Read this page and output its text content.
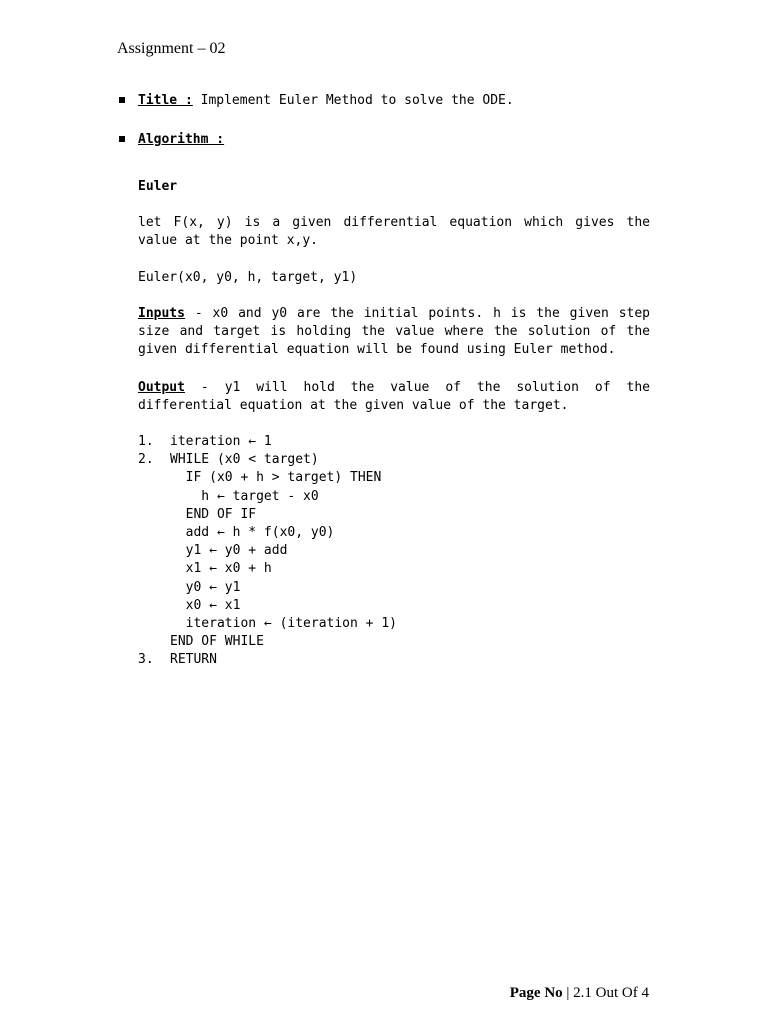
Assignment – 02
Title : Implement Euler Method to solve the ODE.
Algorithm :
Euler
let F(x, y) is a given differential equation which gives the value at the point x,y.
Euler(x0, y0, h, target, y1)
Inputs - x0 and y0 are the initial points. h is the given step size and target is holding the value where the solution of the given differential equation will be found using Euler method.
Output - y1 will hold the value of the solution of the differential equation at the given value of the target.
1. iteration ← 1
2. WHILE (x0 < target)
IF (x0 + h > target) THEN
h ← target - x0
END OF IF
add ← h * f(x0, y0)
y1 ← y0 + add
x1 ← x0 + h
y0 ← y1
x0 ← x1
iteration ← (iteration + 1)
END OF WHILE
3. RETURN
Page No | 2.1 Out Of 4
